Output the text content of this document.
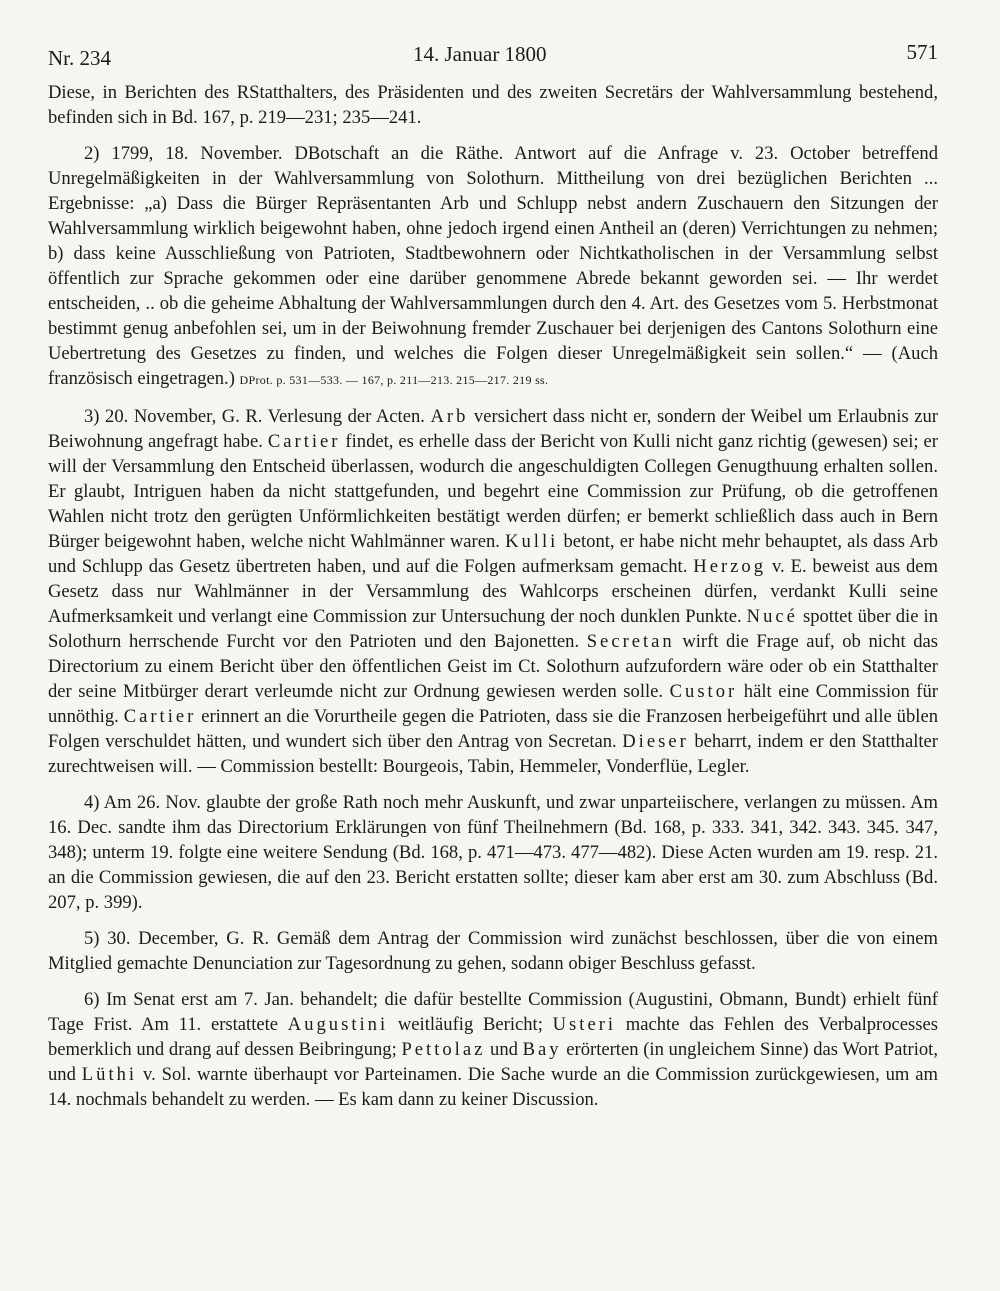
Nr. 234	14. Januar 1800	571

Diese, in Berichten des RStatthalters, des Präsidenten und des zweiten Secretärs der Wahlversammlung bestehend, befinden sich in Bd. 167, p. 219—231; 235—241.

2) 1799, 18. November. DBotschaft an die Räthe. Antwort auf die Anfrage v. 23. October betreffend Unregelmäßigkeiten in der Wahlversammlung von Solothurn. Mittheilung von drei bezüglichen Berichten ... Ergebnisse: „a) Dass die Bürger Repräsentanten Arb und Schlupp nebst andern Zuschauern den Sitzungen der Wahlversammlung wirklich beigewohnt haben, ohne jedoch irgend einen Antheil an (deren) Verrichtungen zu nehmen; b) dass keine Ausschließung von Patrioten, Stadtbewohnern oder Nichtkatholischen in der Versammlung selbst öffentlich zur Sprache gekommen oder eine darüber genommene Abrede bekannt geworden sei. — Ihr werdet entscheiden, .. ob die geheime Abhaltung der Wahlversammlungen durch den 4. Art. des Gesetzes vom 5. Herbstmonat bestimmt genug anbefohlen sei, um in der Beiwohnung fremder Zuschauer bei derjenigen des Cantons Solothurn eine Uebertretung des Gesetzes zu finden, und welches die Folgen dieser Unregelmäßigkeit sein sollen.“ — (Auch französisch eingetragen.) DProt. p. 531—533. — 167, p. 211—213. 215—217. 219 ss.

3) 20. November, G. R. Verlesung der Acten. Arb versichert dass nicht er, sondern der Weibel um Erlaubnis zur Beiwohnung angefragt habe. Cartier findet, es erhelle dass der Bericht von Kulli nicht ganz richtig (gewesen) sei; er will der Versammlung den Entscheid überlassen, wodurch die angeschuldigten Collegen Genugthuung erhalten sollen. Er glaubt, Intriguen haben da nicht stattgefunden, und begehrt eine Commission zur Prüfung, ob die getroffenen Wahlen nicht trotz den gerügten Unförmlichkeiten bestätigt werden dürfen; er bemerkt schließlich dass auch in Bern Bürger beigewohnt haben, welche nicht Wahlmänner waren. Kulli betont, er habe nicht mehr behauptet, als dass Arb und Schlupp das Gesetz übertreten haben, und auf die Folgen aufmerksam gemacht. Herzog v. E. beweist aus dem Gesetz dass nur Wahlmänner in der Versammlung des Wahlcorps erscheinen dürfen, verdankt Kulli seine Aufmerksamkeit und verlangt eine Commission zur Untersuchung der noch dunklen Punkte. Nucé spottet über die in Solothurn herrschende Furcht vor den Patrioten und den Bajonetten. Secretan wirft die Frage auf, ob nicht das Directorium zu einem Bericht über den öffentlichen Geist im Ct. Solothurn aufzufordern wäre oder ob ein Statthalter der seine Mitbürger derart verleumde nicht zur Ordnung gewiesen werden solle. Custor hält eine Commission für unnöthig. Cartier erinnert an die Vorurtheile gegen die Patrioten, dass sie die Franzosen herbeigeführt und alle üblen Folgen verschuldet hätten, und wundert sich über den Antrag von Secretan. Dieser beharrt, indem er den Statthalter zurechtweisen will. — Commission bestellt: Bourgeois, Tabin, Hemmeler, Vonderflüe, Legler.

4) Am 26. Nov. glaubte der große Rath noch mehr Auskunft, und zwar unparteiischere, verlangen zu müssen. Am 16. Dec. sandte ihm das Directorium Erklärungen von fünf Theilnehmern (Bd. 168, p. 333. 341, 342. 343. 345. 347, 348); unterm 19. folgte eine weitere Sendung (Bd. 168, p. 471—473. 477—482). Diese Acten wurden am 19. resp. 21. an die Commission gewiesen, die auf den 23. Bericht erstatten sollte; dieser kam aber erst am 30. zum Abschluss (Bd. 207, p. 399).

5) 30. December, G. R. Gemäß dem Antrag der Commission wird zunächst beschlossen, über die von einem Mitglied gemachte Denunciation zur Tagesordnung zu gehen, sodann obiger Beschluss gefasst.

6) Im Senat erst am 7. Jan. behandelt; die dafür bestellte Commission (Augustini, Obmann, Bundt) erhielt fünf Tage Frist. Am 11. erstattete Augustini weitläufig Bericht; Usteri machte das Fehlen des Verbalprocesses bemerklich und drang auf dessen Beibringung; Pettolaz und Bay erörterten (in ungleichem Sinne) das Wort Patriot, und Lüthi v. Sol. warnte überhaupt vor Parteinamen. Die Sache wurde an die Commission zurückgewiesen, um am 14. nochmals behandelt zu werden. — Es kam dann zu keiner Discussion.
